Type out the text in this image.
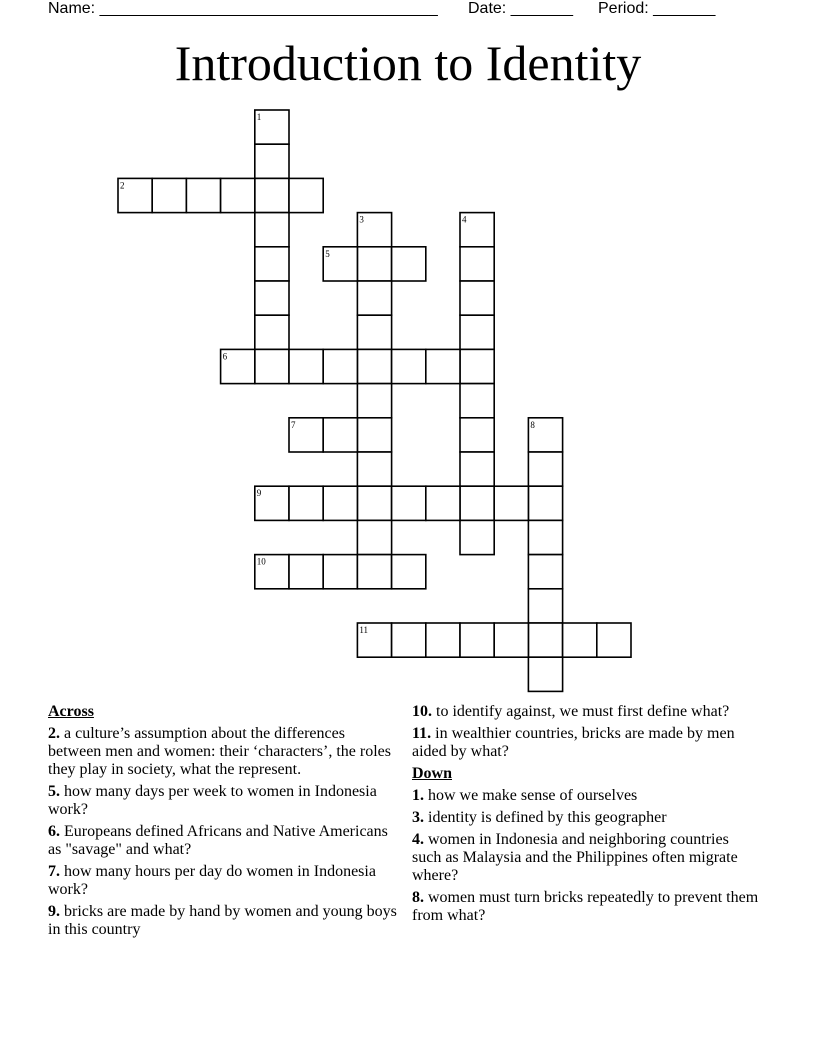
Name: ______________________________________ Date: _______ Period: _______
Introduction to Identity
1
2
3	4
5
6
7	8
9
10
11
Across
2. a culture’s assumption about the differences between men and women: their ‘characters’, the roles they play in society, what the represent.
5. how many days per week to women in Indonesia work?
6. Europeans defined Africans and Native Americans as "savage" and what?
7. how many hours per day do women in Indonesia work?
9. bricks are made by hand by women and young boys in this country
10. to identify against, we must first define what?
11. in wealthier countries, bricks are made by men aided by what?
Down
1. how we make sense of ourselves
3. identity is defined by this geographer
4. women in Indonesia and neighboring countries such as Malaysia and the Philippines often migrate where?
8. women must turn bricks repeatedly to prevent them from what?
